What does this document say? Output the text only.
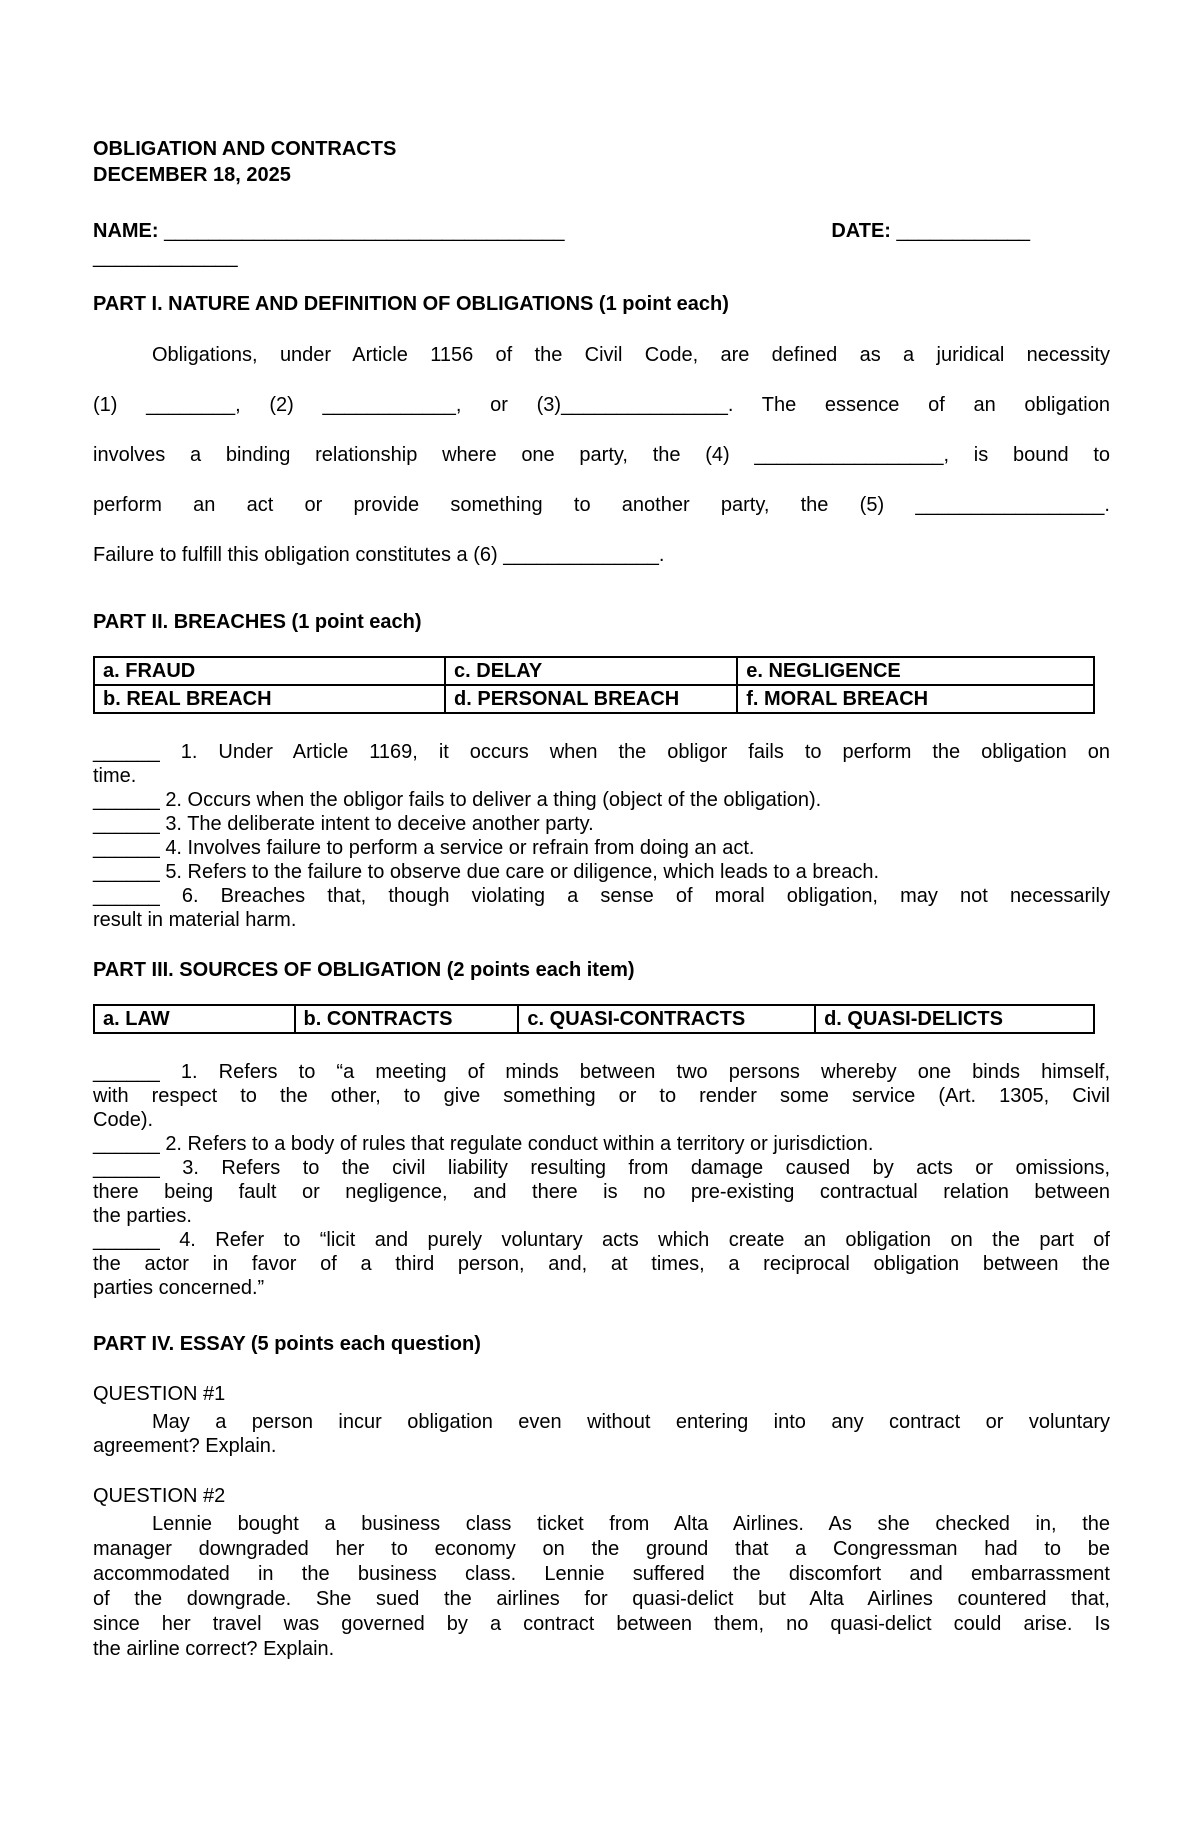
OBLIGATION AND CONTRACTS
DECEMBER 18, 2025
NAME: ____________________________________	DATE: ____________
_____________
PART I. NATURE AND DEFINITION OF OBLIGATIONS (1 point each)
Obligations, under Article 1156 of the Civil Code, are defined as a juridical necessity
(1) ________, (2) ____________, or (3)_______________. The essence of an obligation
involves a binding relationship where one party, the (4) _________________, is bound to
perform an act or provide something to another party, the (5) _________________.
Failure to fulfill this obligation constitutes a (6) ______________.
PART II. BREACHES (1 point each)
a. FRAUD	c. DELAY	e. NEGLIGENCE
b. REAL BREACH	d. PERSONAL BREACH	f. MORAL BREACH
______ 1. Under Article 1169, it occurs when the obligor fails to perform the obligation on
time.
______ 2. Occurs when the obligor fails to deliver a thing (object of the obligation).
______ 3. The deliberate intent to deceive another party.
______ 4. Involves failure to perform a service or refrain from doing an act.
______ 5. Refers to the failure to observe due care or diligence, which leads to a breach.
______ 6. Breaches that, though violating a sense of moral obligation, may not necessarily
result in material harm.
PART III. SOURCES OF OBLIGATION (2 points each item)
a. LAW	b. CONTRACTS	c. QUASI-CONTRACTS	d. QUASI-DELICTS
______ 1. Refers to “a meeting of minds between two persons whereby one binds himself,
with respect to the other, to give something or to render some service (Art. 1305, Civil
Code).
______ 2. Refers to a body of rules that regulate conduct within a territory or jurisdiction.
______ 3. Refers to the civil liability resulting from damage caused by acts or omissions,
there being fault or negligence, and there is no pre-existing contractual relation between
the parties.
______ 4. Refer to “licit and purely voluntary acts which create an obligation on the part of
the actor in favor of a third person, and, at times, a reciprocal obligation between the
parties concerned.”
PART IV. ESSAY (5 points each question)
QUESTION #1
May a person incur obligation even without entering into any contract or voluntary
agreement? Explain.
QUESTION #2
Lennie bought a business class ticket from Alta Airlines. As she checked in, the
manager downgraded her to economy on the ground that a Congressman had to be
accommodated in the business class. Lennie suffered the discomfort and embarrassment
of the downgrade. She sued the airlines for quasi-delict but Alta Airlines countered that,
since her travel was governed by a contract between them, no quasi-delict could arise. Is
the airline correct? Explain.
